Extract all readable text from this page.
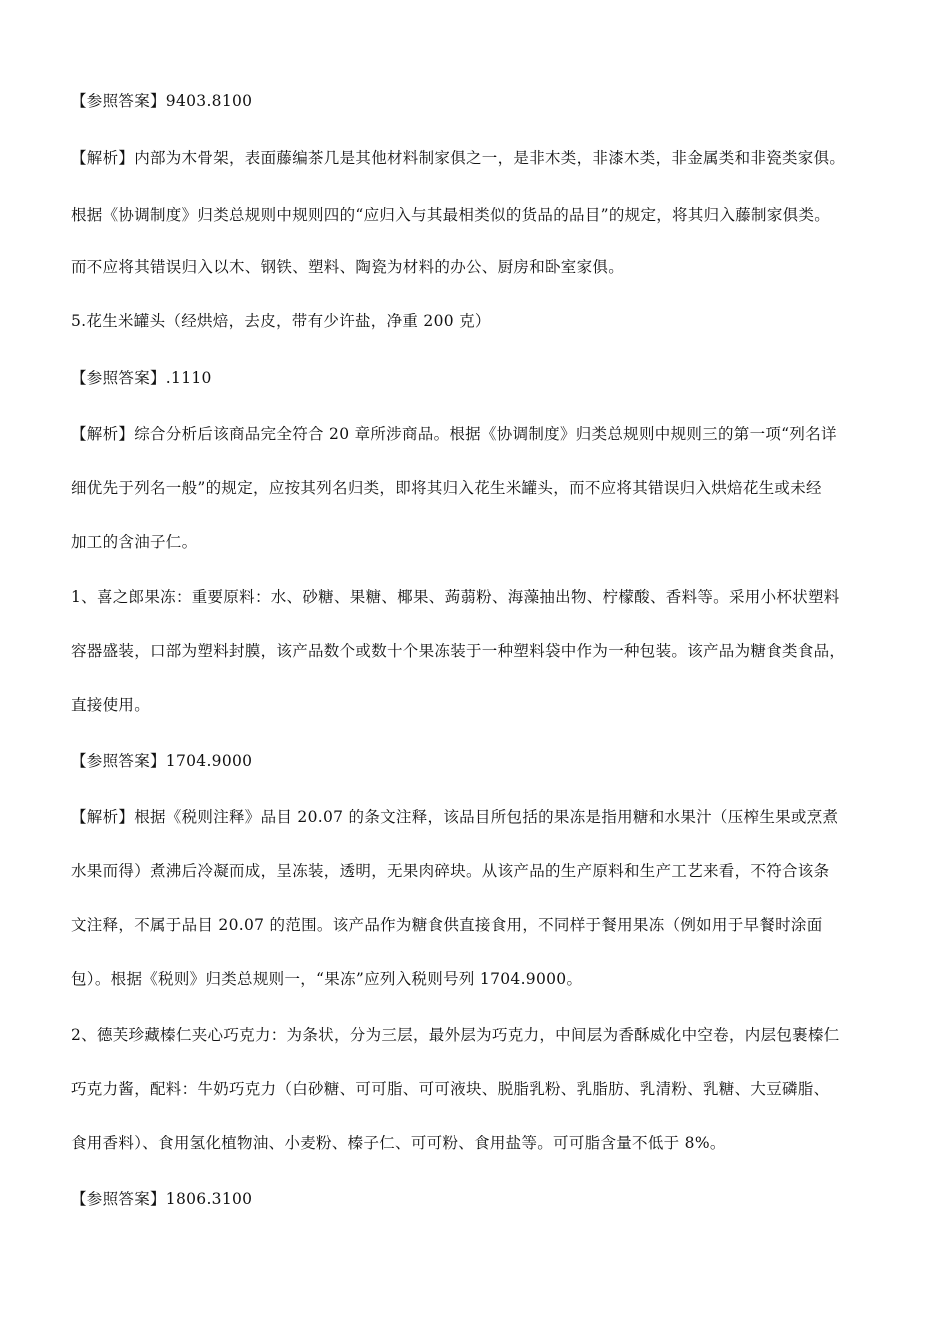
【参照答案】9403.8100
【解析】内部为木骨架，表面藤编茶几是其他材料制家俱之一，是非木类，非漆木类，非金属类和非瓷类家俱。
根据《协调制度》归类总规则中规则四的“应归入与其最相类似的货品的品目”的规定，将其归入藤制家俱类。
而不应将其错误归入以木、钢铁、塑料、陶瓷为材料的办公、厨房和卧室家俱。
5.花生米罐头（经烘焙，去皮，带有少许盐，净重 200 克）
【参照答案】.1110
【解析】综合分析后该商品完全符合 20 章所涉商品。根据《协调制度》归类总规则中规则三的第一项“列名详
细优先于列名一般”的规定，应按其列名归类，即将其归入花生米罐头，而不应将其错误归入烘焙花生或未经
加工的含油子仁。
1、喜之郎果冻：重要原料：水、砂糖、果糖、椰果、蒟蒻粉、海藻抽出物、柠檬酸、香料等。采用小杯状塑料
容器盛装，口部为塑料封膜，该产品数个或数十个果冻装于一种塑料袋中作为一种包装。该产品为糖食类食品，
直接使用。
【参照答案】1704.9000
【解析】根据《税则注释》品目 20.07 的条文注释，该品目所包括的果冻是指用糖和水果汁（压榨生果或烹煮
水果而得）煮沸后冷凝而成，呈冻装，透明，无果肉碎块。从该产品的生产原料和生产工艺来看，不符合该条
文注释，不属于品目 20.07 的范围。该产品作为糖食供直接食用，不同样于餐用果冻（例如用于早餐时涂面
包）。根据《税则》归类总规则一，“果冻”应列入税则号列 1704.9000。
2、德芙珍藏榛仁夹心巧克力：为条状，分为三层，最外层为巧克力，中间层为香酥威化中空卷，内层包裹榛仁
巧克力酱，配料：牛奶巧克力（白砂糖、可可脂、可可液块、脱脂乳粉、乳脂肪、乳清粉、乳糖、大豆磷脂、
食用香料）、食用氢化植物油、小麦粉、榛子仁、可可粉、食用盐等。可可脂含量不低于 8%。
【参照答案】1806.3100
